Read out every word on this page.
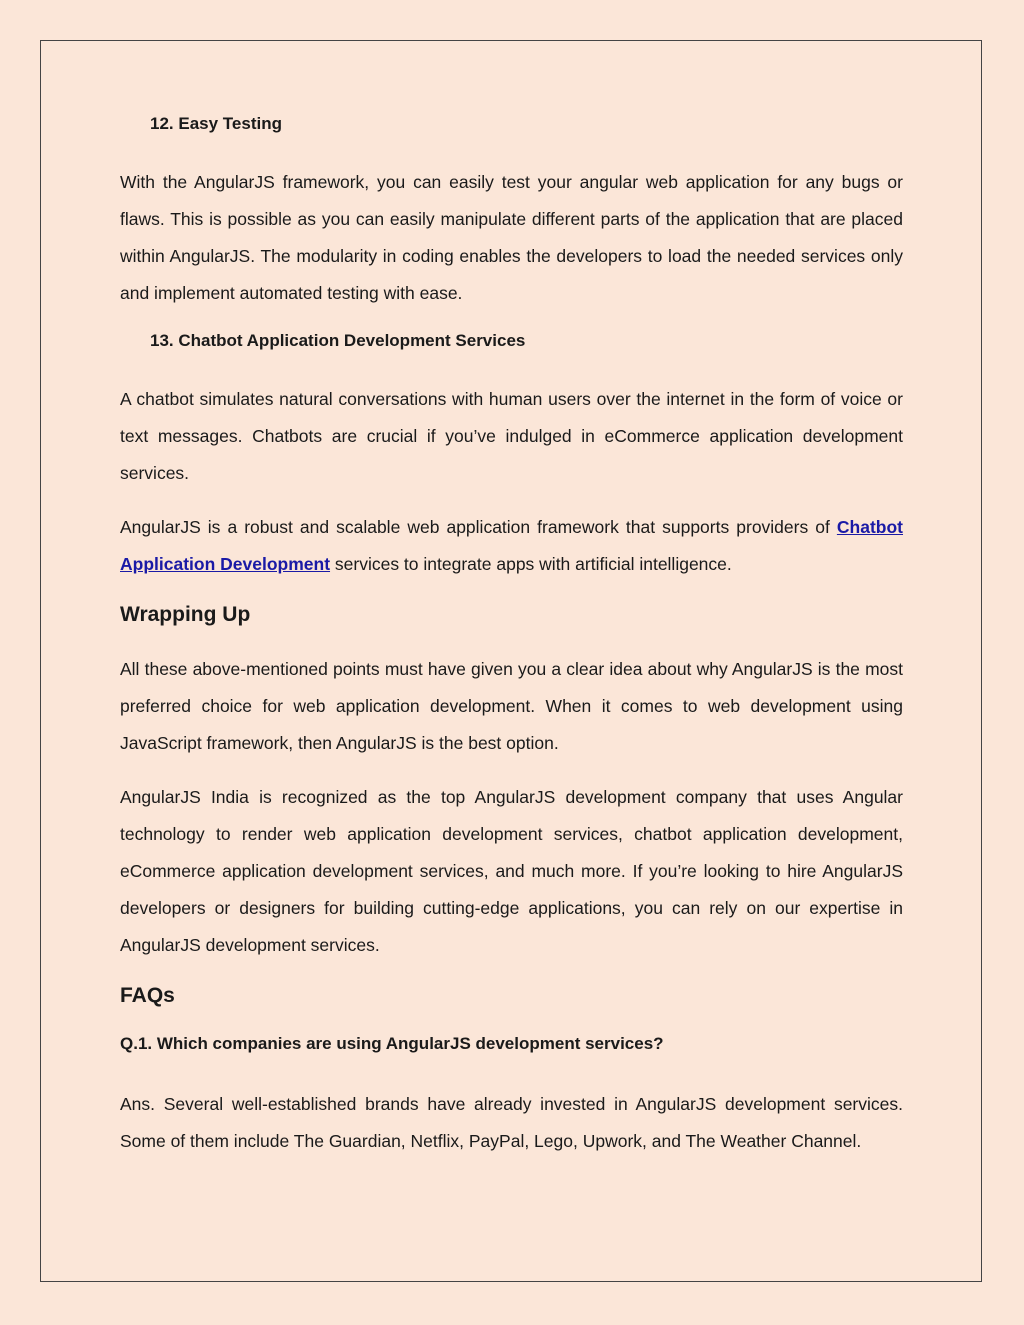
12. Easy Testing

With the AngularJS framework, you can easily test your angular web application for any bugs or flaws. This is possible as you can easily manipulate different parts of the application that are placed within AngularJS. The modularity in coding enables the developers to load the needed services only and implement automated testing with ease.

13. Chatbot Application Development Services

A chatbot simulates natural conversations with human users over the internet in the form of voice or text messages. Chatbots are crucial if you’ve indulged in eCommerce application development services.

AngularJS is a robust and scalable web application framework that supports providers of Chatbot Application Development services to integrate apps with artificial intelligence.

Wrapping Up

All these above-mentioned points must have given you a clear idea about why AngularJS is the most preferred choice for web application development. When it comes to web development using JavaScript framework, then AngularJS is the best option.

AngularJS India is recognized as the top AngularJS development company that uses Angular technology to render web application development services, chatbot application development, eCommerce application development services, and much more. If you’re looking to hire AngularJS developers or designers for building cutting-edge applications, you can rely on our expertise in AngularJS development services.

FAQs
Q.1. Which companies are using AngularJS development services?

Ans. Several well-established brands have already invested in AngularJS development services. Some of them include The Guardian, Netflix, PayPal, Lego, Upwork, and The Weather Channel.
